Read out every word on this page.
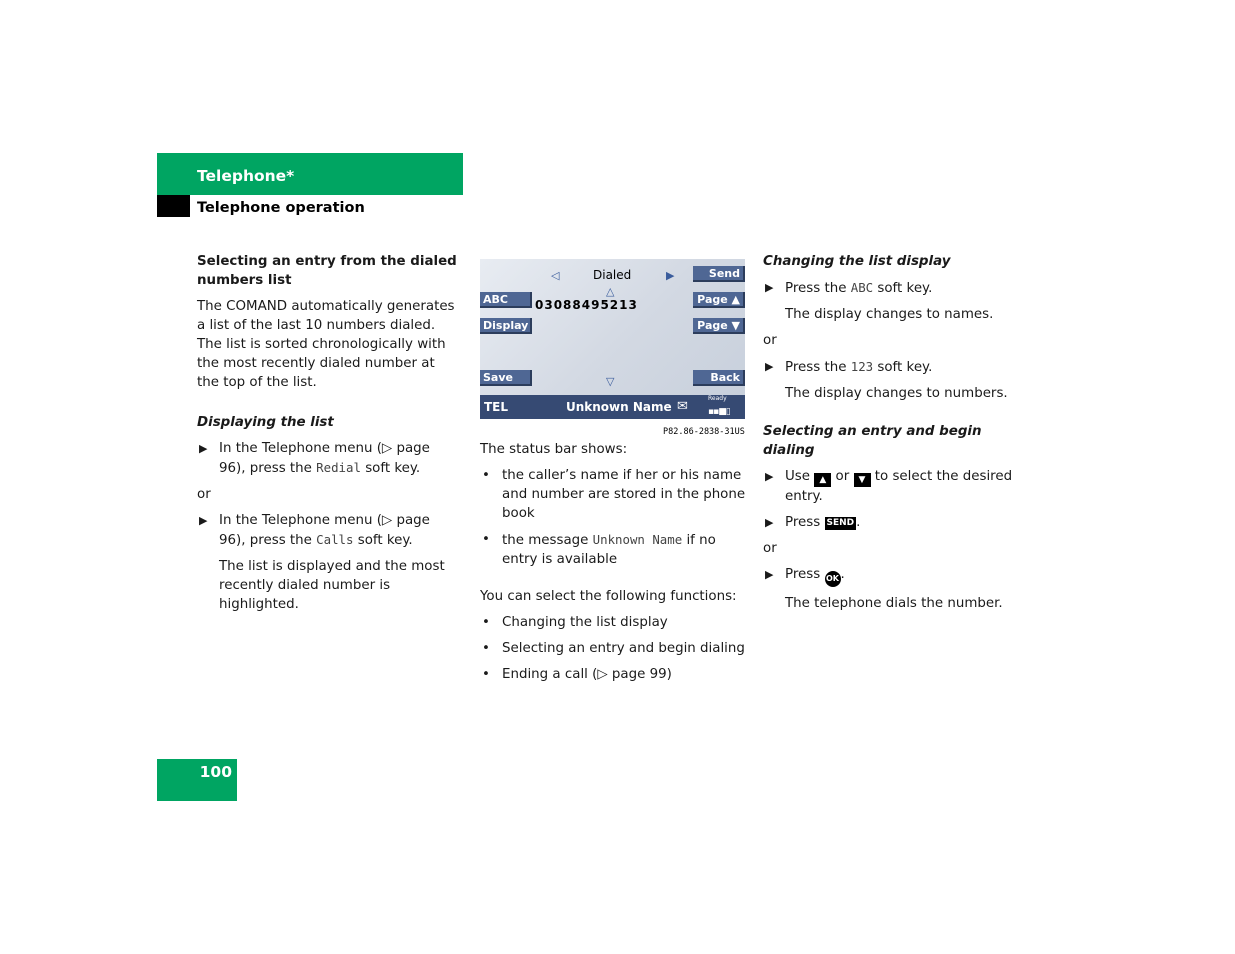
Telephone*
Telephone operation
Selecting an entry from the dialed numbers list

The COMAND automatically generates a list of the last 10 numbers dialed. The list is sorted chronologically with the most recently dialed number at the top of the list.

Displaying the list
▶ In the Telephone menu (▷ page 96), press the Redial soft key.

or

▶ In the Telephone menu (▷ page 96), press the Calls soft key.

The list is displayed and the most recently dialed number is highlighted.

◁	Dialed	▶
△
03088495213
▽
Send
ABC	Page ▲
Display	Page ▼
Save	Back
TEL	Unknown Name ✉
Ready
▪▪■▯
P82.86-2838-31US

The status bar shows:

• the caller’s name if her or his name and number are stored in the phone book
• the message Unknown Name if no entry is available

You can select the following functions:

• Changing the list display
• Selecting an entry and begin dialing
• Ending a call (▷ page 99)
Changing the list display
▶ Press the ABC soft key.

The display changes to names.

or

▶ Press the 123 soft key.

The display changes to numbers.

Selecting an entry and begin dialing
▶ Use ▲ or ▼ to select the desired entry.
▶ Press SEND .

or

▶ Press OK .

The telephone dials the number.

100
